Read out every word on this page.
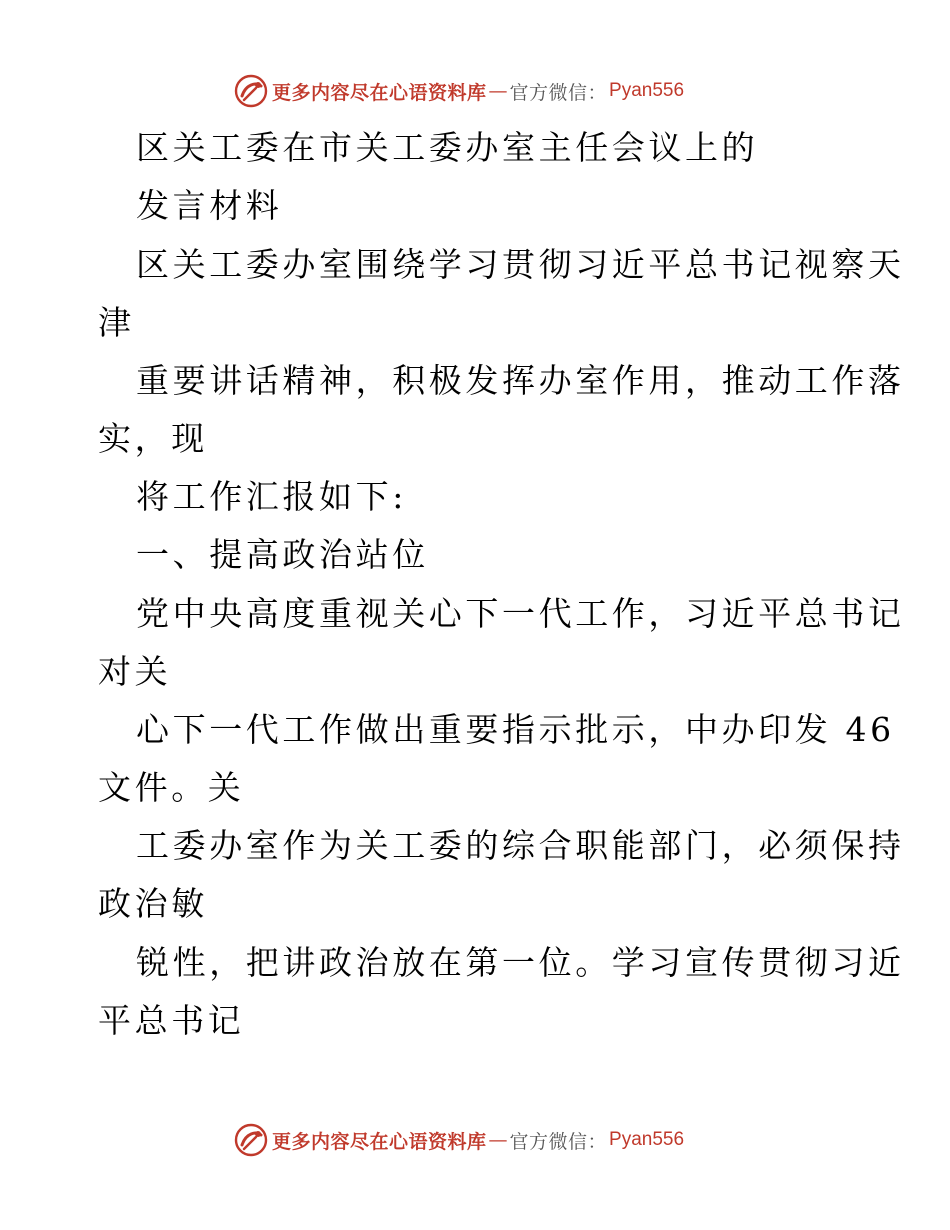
更多内容尽在心语资料库 — 官方微信： Pyan556
区关工委在市关工委办室主任会议上的
发言材料
区关工委办室围绕学习贯彻习近平总书记视察天
津
重要讲话精神，积极发挥办室作用，推动工作落
实，现
将工作汇报如下:
一、提高政治站位
党中央高度重视关心下一代工作，习近平总书记
对关
心下一代工作做出重要指示批示，中办印发 46
文件。关
工委办室作为关工委的综合职能部门，必须保持
政治敏
锐性，把讲政治放在第一位。学习宣传贯彻习近
平总书记
更多内容尽在心语资料库 — 官方微信： Pyan556
